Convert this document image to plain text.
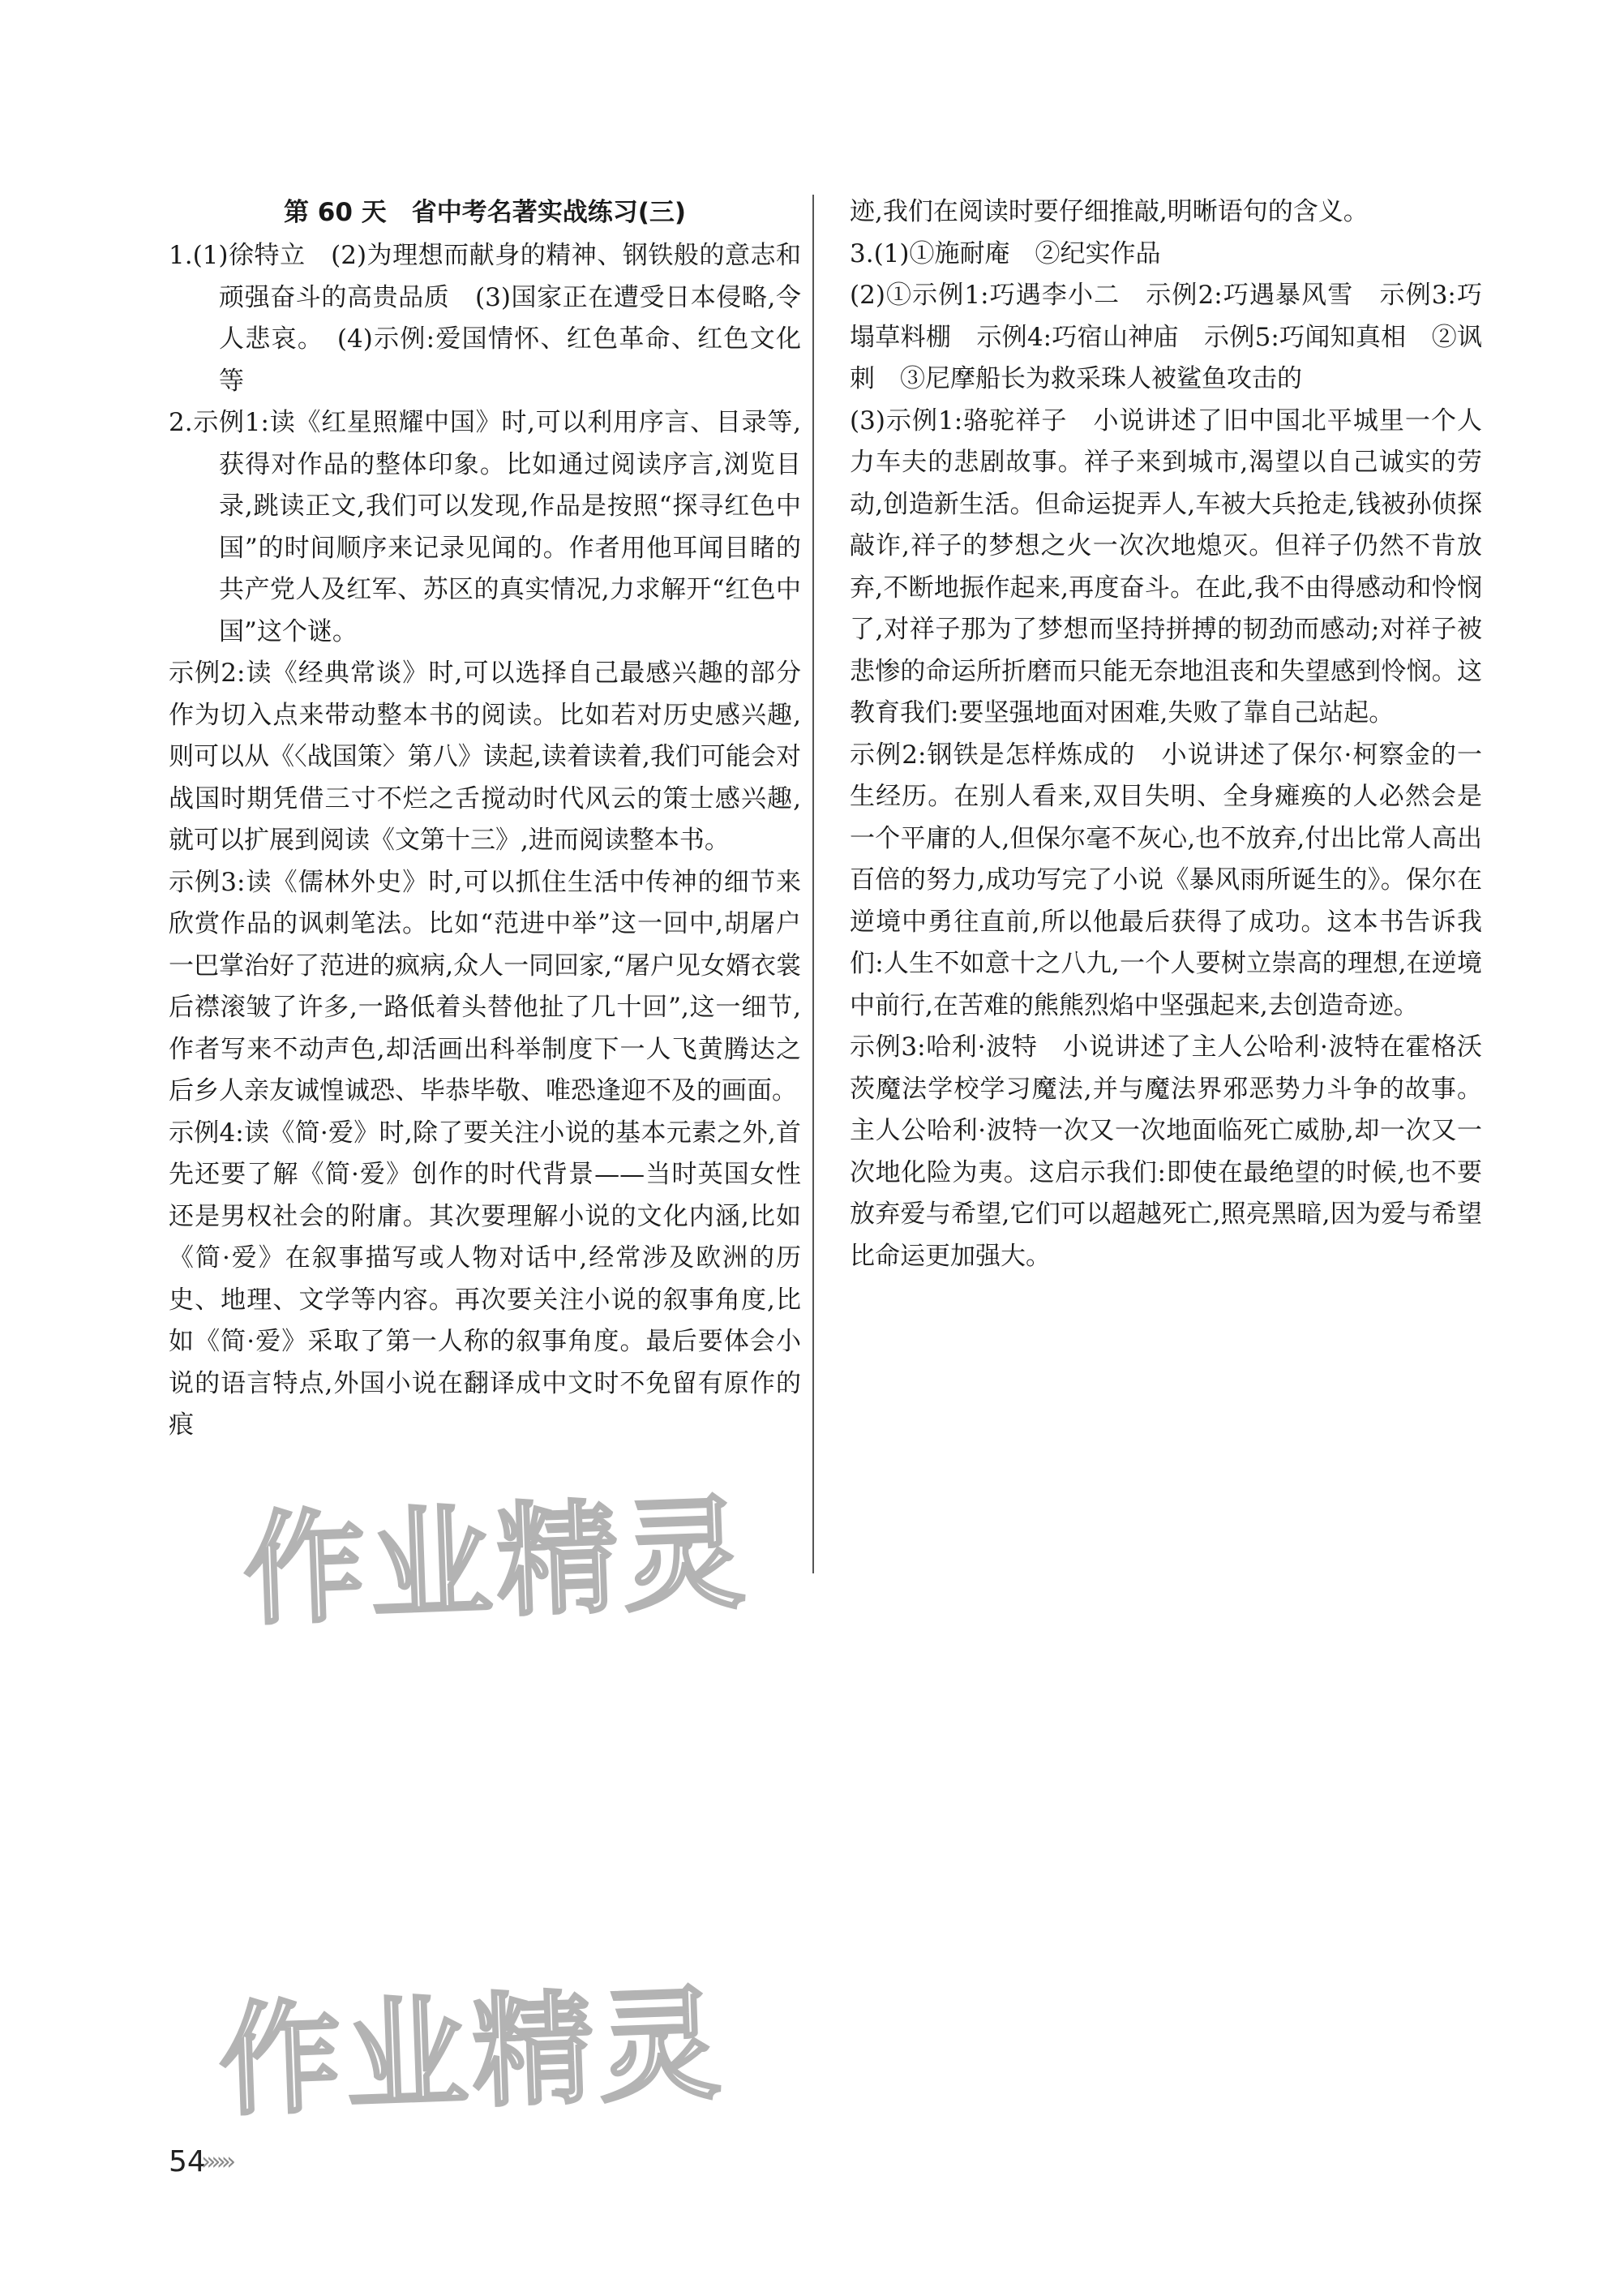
第 60 天　省中考名著实战练习(三)

1.(1)徐特立　(2)为理想而献身的精神、钢铁般的意志和顽强奋斗的高贵品质　(3)国家正在遭受日本侵略,令人悲哀。　(4)示例:爱国情怀、红色革命、红色文化等

2.示例1:读《红星照耀中国》时,可以利用序言、目录等,获得对作品的整体印象。比如通过阅读序言,浏览目录,跳读正文,我们可以发现,作品是按照“探寻红色中国”的时间顺序来记录见闻的。作者用他耳闻目睹的共产党人及红军、苏区的真实情况,力求解开“红色中国”这个谜。

示例2:读《经典常谈》时,可以选择自己最感兴趣的部分作为切入点来带动整本书的阅读。比如若对历史感兴趣,则可以从《〈战国策〉第八》读起,读着读着,我们可能会对战国时期凭借三寸不烂之舌搅动时代风云的策士感兴趣,就可以扩展到阅读《文第十三》,进而阅读整本书。

示例3:读《儒林外史》时,可以抓住生活中传神的细节来欣赏作品的讽刺笔法。比如“范进中举”这一回中,胡屠户一巴掌治好了范进的疯病,众人一同回家,“屠户见女婿衣裳后襟滚皱了许多,一路低着头替他扯了几十回”,这一细节,作者写来不动声色,却活画出科举制度下一人飞黄腾达之后乡人亲友诚惶诚恐、毕恭毕敬、唯恐逢迎不及的画面。

示例4:读《简·爱》时,除了要关注小说的基本元素之外,首先还要了解《简·爱》创作的时代背景——当时英国女性还是男权社会的附庸。其次要理解小说的文化内涵,比如《简·爱》在叙事描写或人物对话中,经常涉及欧洲的历史、地理、文学等内容。再次要关注小说的叙事角度,比如《简·爱》采取了第一人称的叙事角度。最后要体会小说的语言特点,外国小说在翻译成中文时不免留有原作的痕

迹,我们在阅读时要仔细推敲,明晰语句的含义。

3.(1)①施耐庵　②纪实作品

(2)①示例1:巧遇李小二　示例2:巧遇暴风雪　示例3:巧塌草料棚　示例4:巧宿山神庙　示例5:巧闻知真相　②讽刺　③尼摩船长为救采珠人被鲨鱼攻击的

(3)示例1:骆驼祥子　小说讲述了旧中国北平城里一个人力车夫的悲剧故事。祥子来到城市,渴望以自己诚实的劳动,创造新生活。但命运捉弄人,车被大兵抢走,钱被孙侦探敲诈,祥子的梦想之火一次次地熄灭。但祥子仍然不肯放弃,不断地振作起来,再度奋斗。在此,我不由得感动和怜悯了,对祥子那为了梦想而坚持拼搏的韧劲而感动;对祥子被悲惨的命运所折磨而只能无奈地沮丧和失望感到怜悯。这教育我们:要坚强地面对困难,失败了靠自己站起。

示例2:钢铁是怎样炼成的　小说讲述了保尔·柯察金的一生经历。在别人看来,双目失明、全身瘫痪的人必然会是一个平庸的人,但保尔毫不灰心,也不放弃,付出比常人高出百倍的努力,成功写完了小说《暴风雨所诞生的》。保尔在逆境中勇往直前,所以他最后获得了成功。这本书告诉我们:人生不如意十之八九,一个人要树立崇高的理想,在逆境中前行,在苦难的熊熊烈焰中坚强起来,去创造奇迹。

示例3:哈利·波特　小说讲述了主人公哈利·波特在霍格沃茨魔法学校学习魔法,并与魔法界邪恶势力斗争的故事。主人公哈利·波特一次又一次地面临死亡威胁,却一次又一次地化险为夷。这启示我们:即使在最绝望的时候,也不要放弃爱与希望,它们可以超越死亡,照亮黑暗,因为爱与希望比命运更加强大。

作业精灵
作业精灵
54
»»»
